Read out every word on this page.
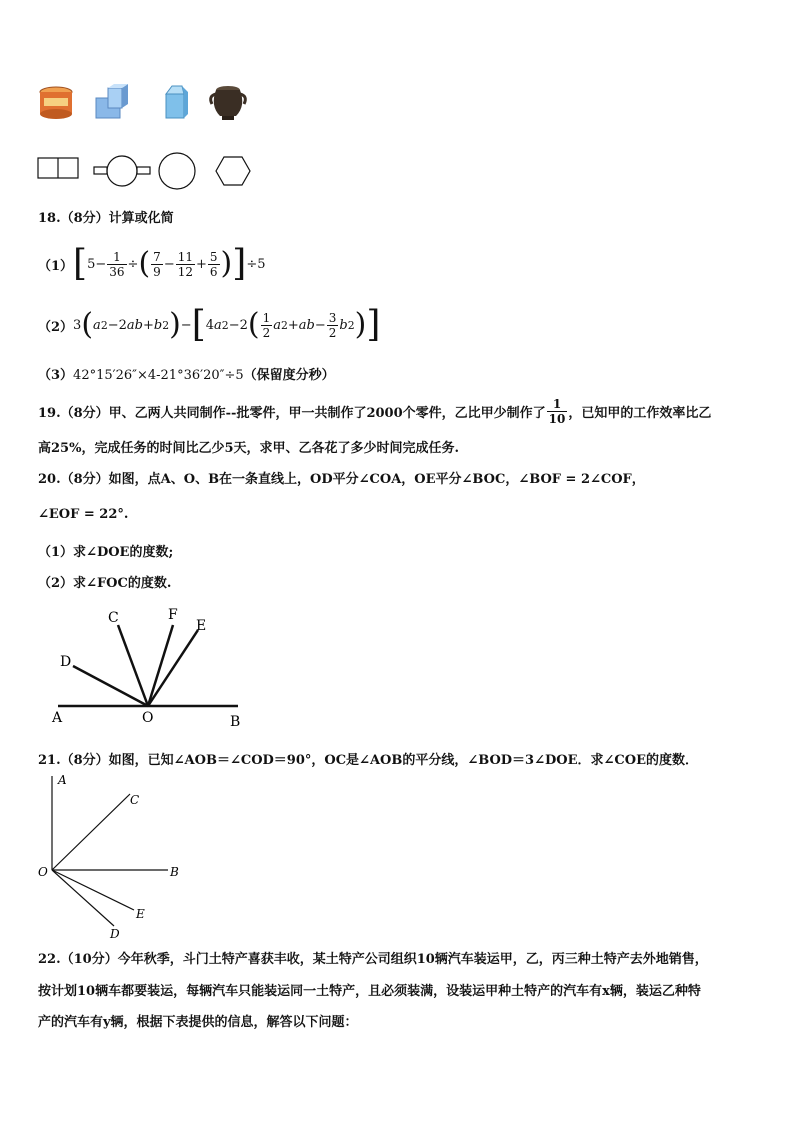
18.（8分）计算或化简
（1） [ $5- \frac{1}{36}$ ÷ ( $\frac{7}{9} - \frac{11}{12} + \frac{5}{6}$ ) ] ÷5
（2） 3 ( a 2 −2 ab + b 2 ) − [ 4 a 2 −2 ( $\frac{1}{2}$ a 2 + ab − $\frac{3}{2}$ b 2 ) ]
（3）42°15′26″×4-21°36′20″÷5（保留度分秒）
19.（8分）甲、乙两人共同制作--批零件，甲一共制作了2000个零件，乙比甲少制作了 $\frac{1}{10}$ ，已知甲的工作效率比乙
高25%，完成任务的时间比乙少5天，求甲、乙各花了多少时间完成任务.
20.（8分）如图，点A、O、B在一条直线上，OD平分∠COA，OE平分∠BOC，∠BOF = 2∠COF，
∠EOF = 22°.
（1）求∠DOE的度数;
（2）求∠FOC的度数.
C	F
E
D
A	O	B
21.（8分）如图，已知∠AOB＝∠COD＝90°，OC是∠AOB的平分线，∠BOD＝3∠DOE．求∠COE的度数．
A
C
O	B
E
D
22.（10分）今年秋季，斗门土特产喜获丰收，某土特产公司组织10辆汽车装运甲，乙，丙三种土特产去外地销售，
按计划10辆车都要装运，每辆汽车只能装运同一土特产，且必须装满，设装运甲种土特产的汽车有x辆，装运乙种特
产的汽车有y辆，根据下表提供的信息，解答以下问题：
